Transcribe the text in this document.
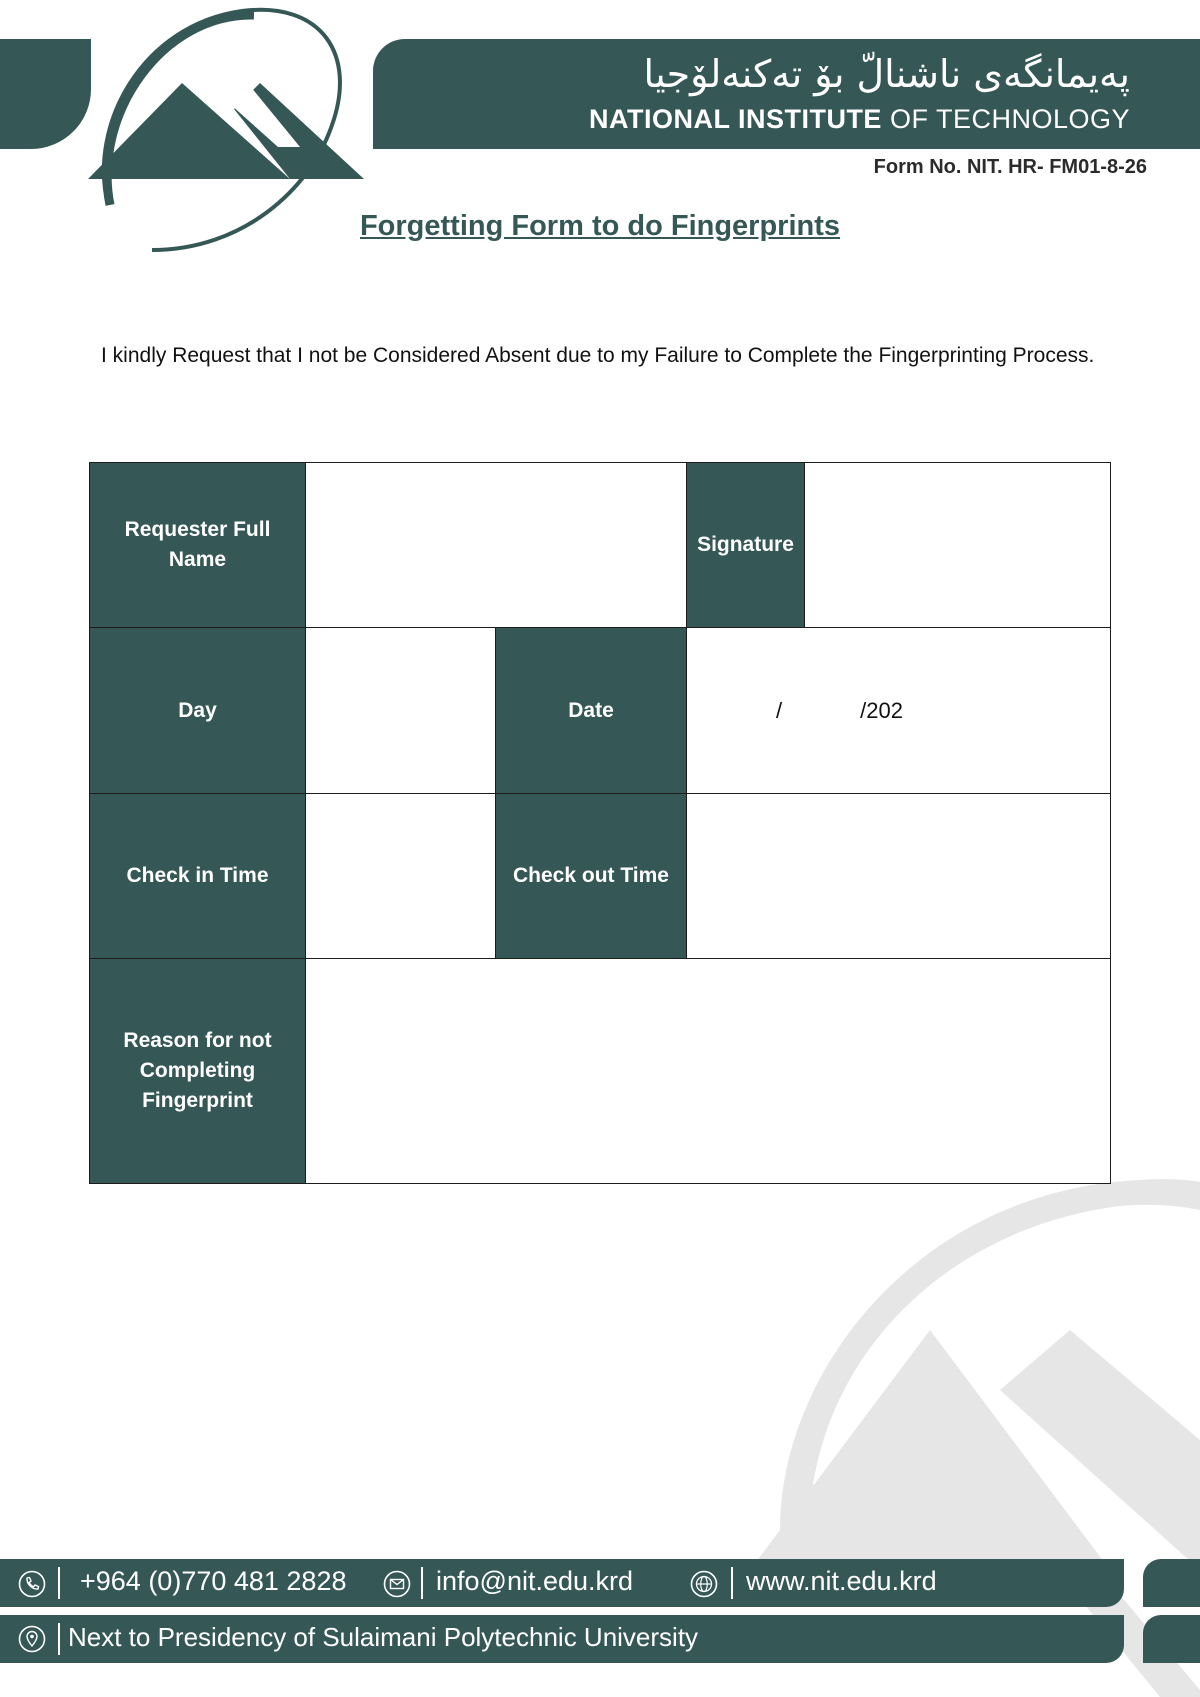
پەیمانگەی ناشنالّ بۆ تەکنەلۆجیا
NATIONAL INSTITUTE OF TECHNOLOGY
Form No. NIT. HR- FM01-8-26
Forgetting Form to do Fingerprints
I kindly Request that I not be Considered Absent due to my Failure to Complete the Fingerprinting Process.
Requester Full Name			Signature	
Day		Date	/ /202	
Check in Time		Check out Time		
Reason for not Completing Fingerprint				
+964 (0)770 481 2828	info@nit.edu.krd	www.nit.edu.krd
Next to Presidency of Sulaimani Polytechnic University
